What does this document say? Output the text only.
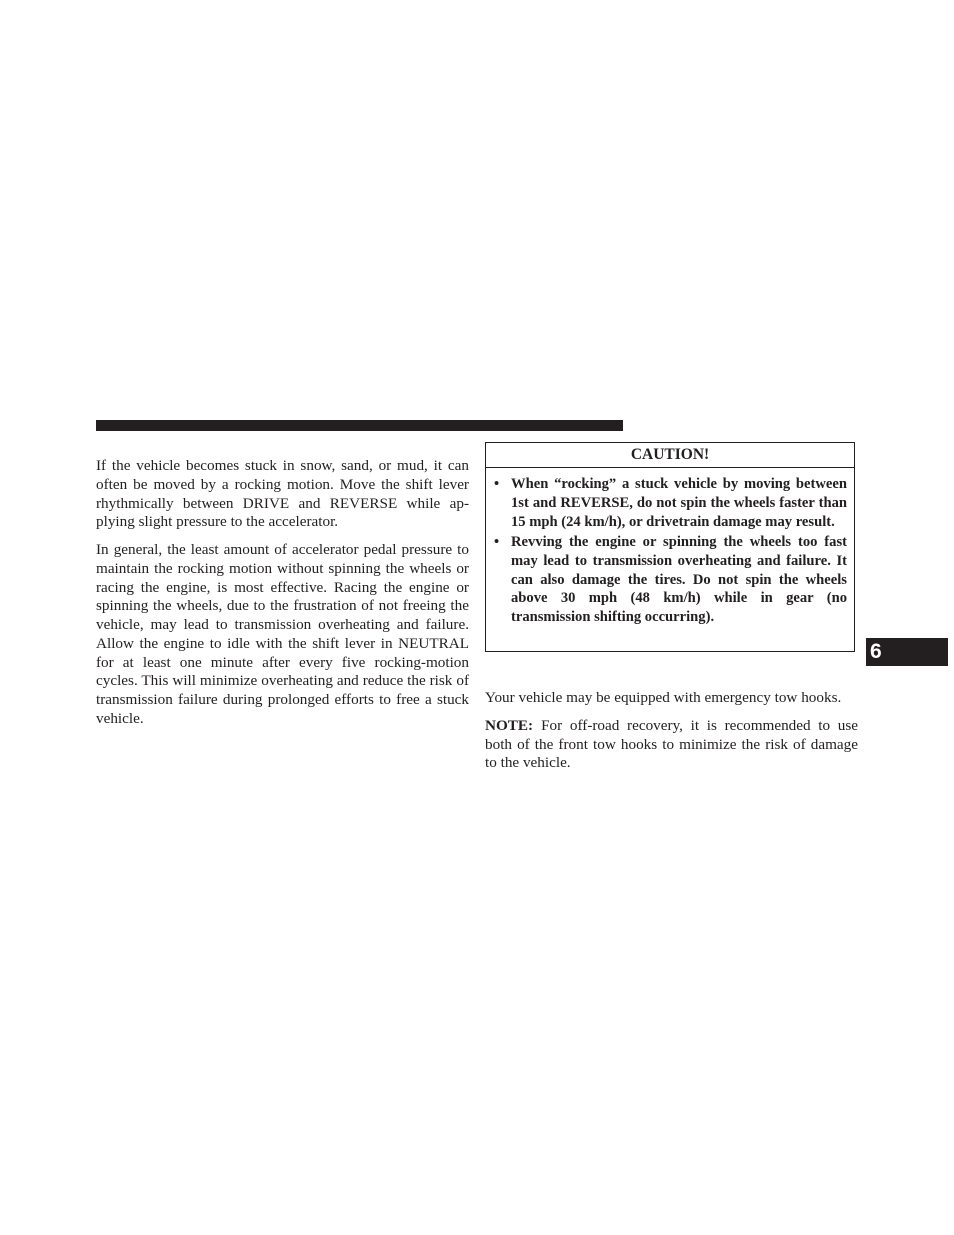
If the vehicle becomes stuck in snow, sand, or mud, it can often be moved by a rocking motion. Move the shift lever rhythmically between DRIVE and REVERSE while applying slight pressure to the accelerator.

In general, the least amount of accelerator pedal pressure to maintain the rocking motion without spinning the wheels or racing the engine, is most effective. Racing the engine or spinning the wheels, due to the frustration of not freeing the vehicle, may lead to transmission overheating and failure. Allow the engine to idle with the shift lever in NEUTRAL for at least one minute after every five rocking-motion cycles. This will minimize overheating and reduce the risk of transmission failure during prolonged efforts to free a stuck vehicle.

CAUTION!
• When “rocking” a stuck vehicle by moving between 1st and REVERSE, do not spin the wheels faster than 15 mph (24 km/h), or drivetrain damage may result.
• Revving the engine or spinning the wheels too fast may lead to transmission overheating and failure. It can also damage the tires. Do not spin the wheels above 30 mph (48 km/h) while in gear (no transmission shifting occurring).

Your vehicle may be equipped with emergency tow hooks.

NOTE: For off-road recovery, it is recommended to use both of the front tow hooks to minimize the risk of damage to the vehicle.

6
